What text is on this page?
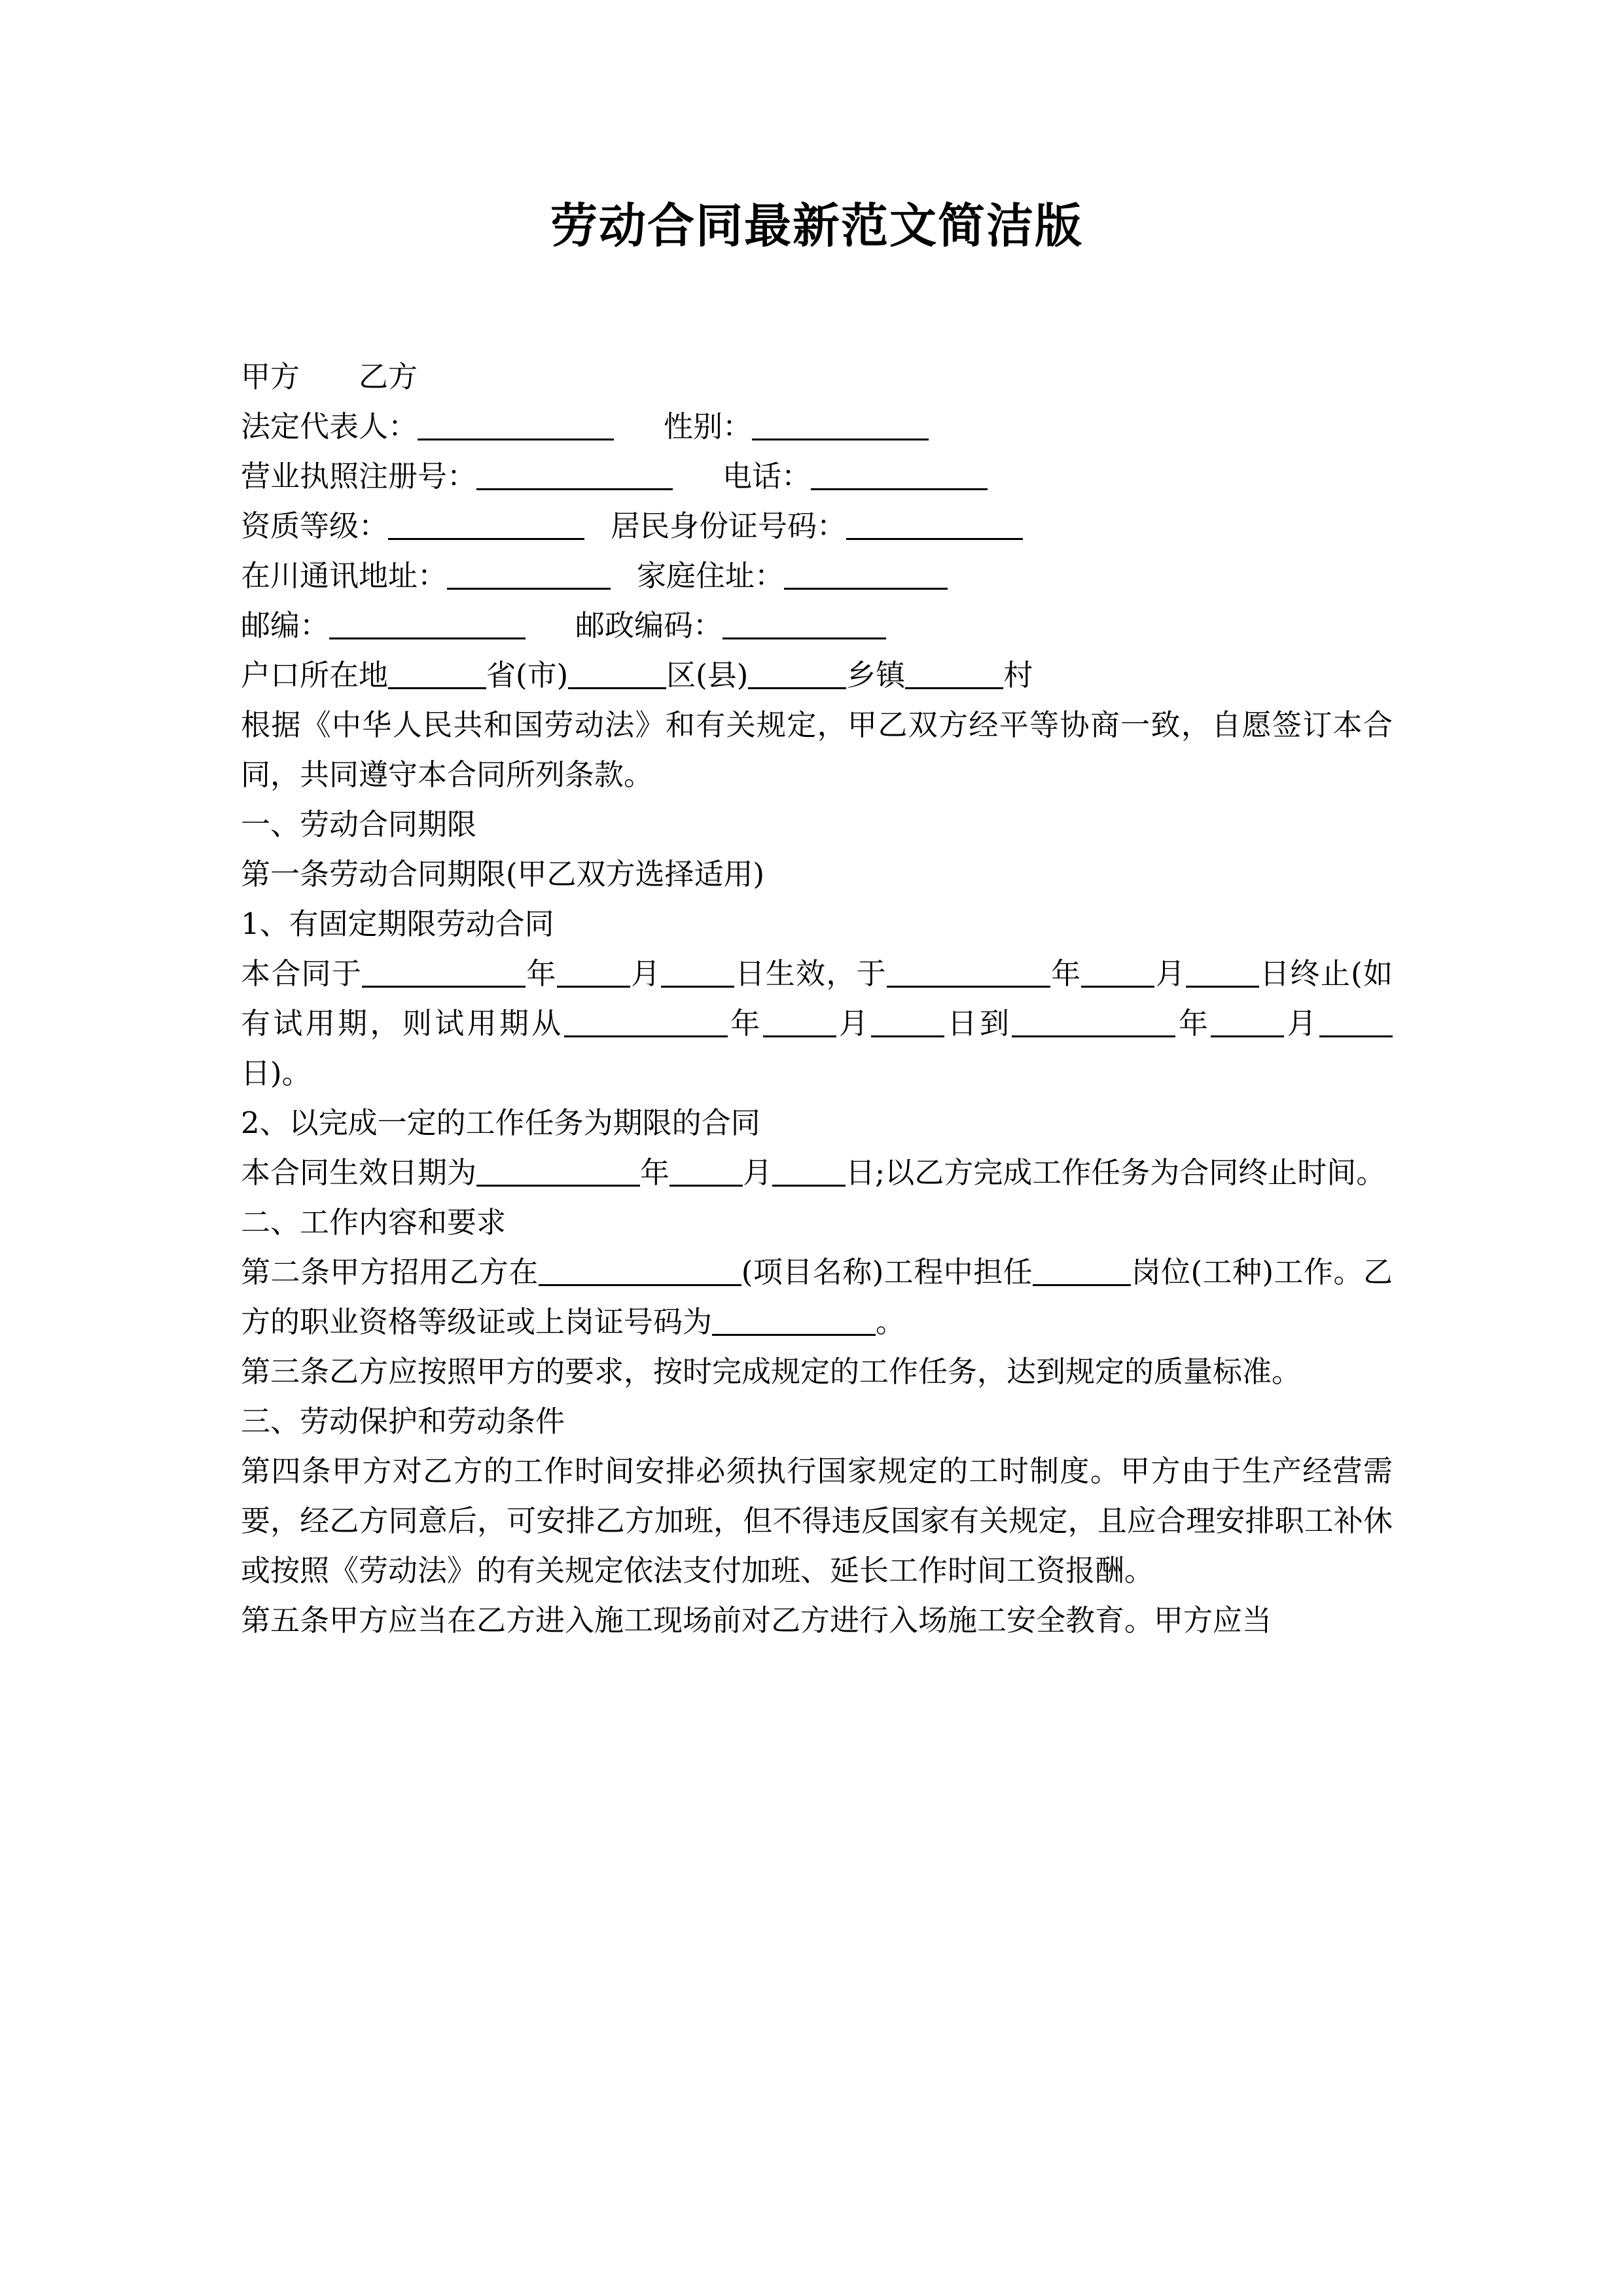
劳动合同最新范文简洁版

甲方　　乙方

法定代表人：	性别：

营业执照注册号：	电话：

资质等级：	居民身份证号码：

在川通讯地址：	家庭住址：

邮编：	邮政编码：

户口所在地	省(市)	区(县)	乡镇	村

根据《中华人民共和国劳动法》和有关规定，甲乙双方经平等协商一致，自愿签订本合同，共同遵守本合同所列条款。

一、劳动合同期限

第一条劳动合同期限(甲乙双方选择适用)

1、有固定期限劳动合同

本合同于	年 月 日生效，于	年 月 日终止(如有试用期，则试用期从	年 月 日到	年 月日)。

2、以完成一定的工作任务为期限的合同

本合同生效日期为	年 月 日;以乙方完成工作任务为合同终止时间。

二、工作内容和要求

第二条甲方招用乙方在	(项目名称)工程中担任	岗位(工种)工作。乙方的职业资格等级证或上岗证号码为	。

第三条乙方应按照甲方的要求，按时完成规定的工作任务，达到规定的质量标准。

三、劳动保护和劳动条件

第四条甲方对乙方的工作时间安排必须执行国家规定的工时制度。甲方由于生产经营需要，经乙方同意后，可安排乙方加班，但不得违反国家有关规定，且应合理安排职工补休或按照《劳动法》的有关规定依法支付加班、延长工作时间工资报酬。

第五条甲方应当在乙方进入施工现场前对乙方进行入场施工安全教育。甲方应当
